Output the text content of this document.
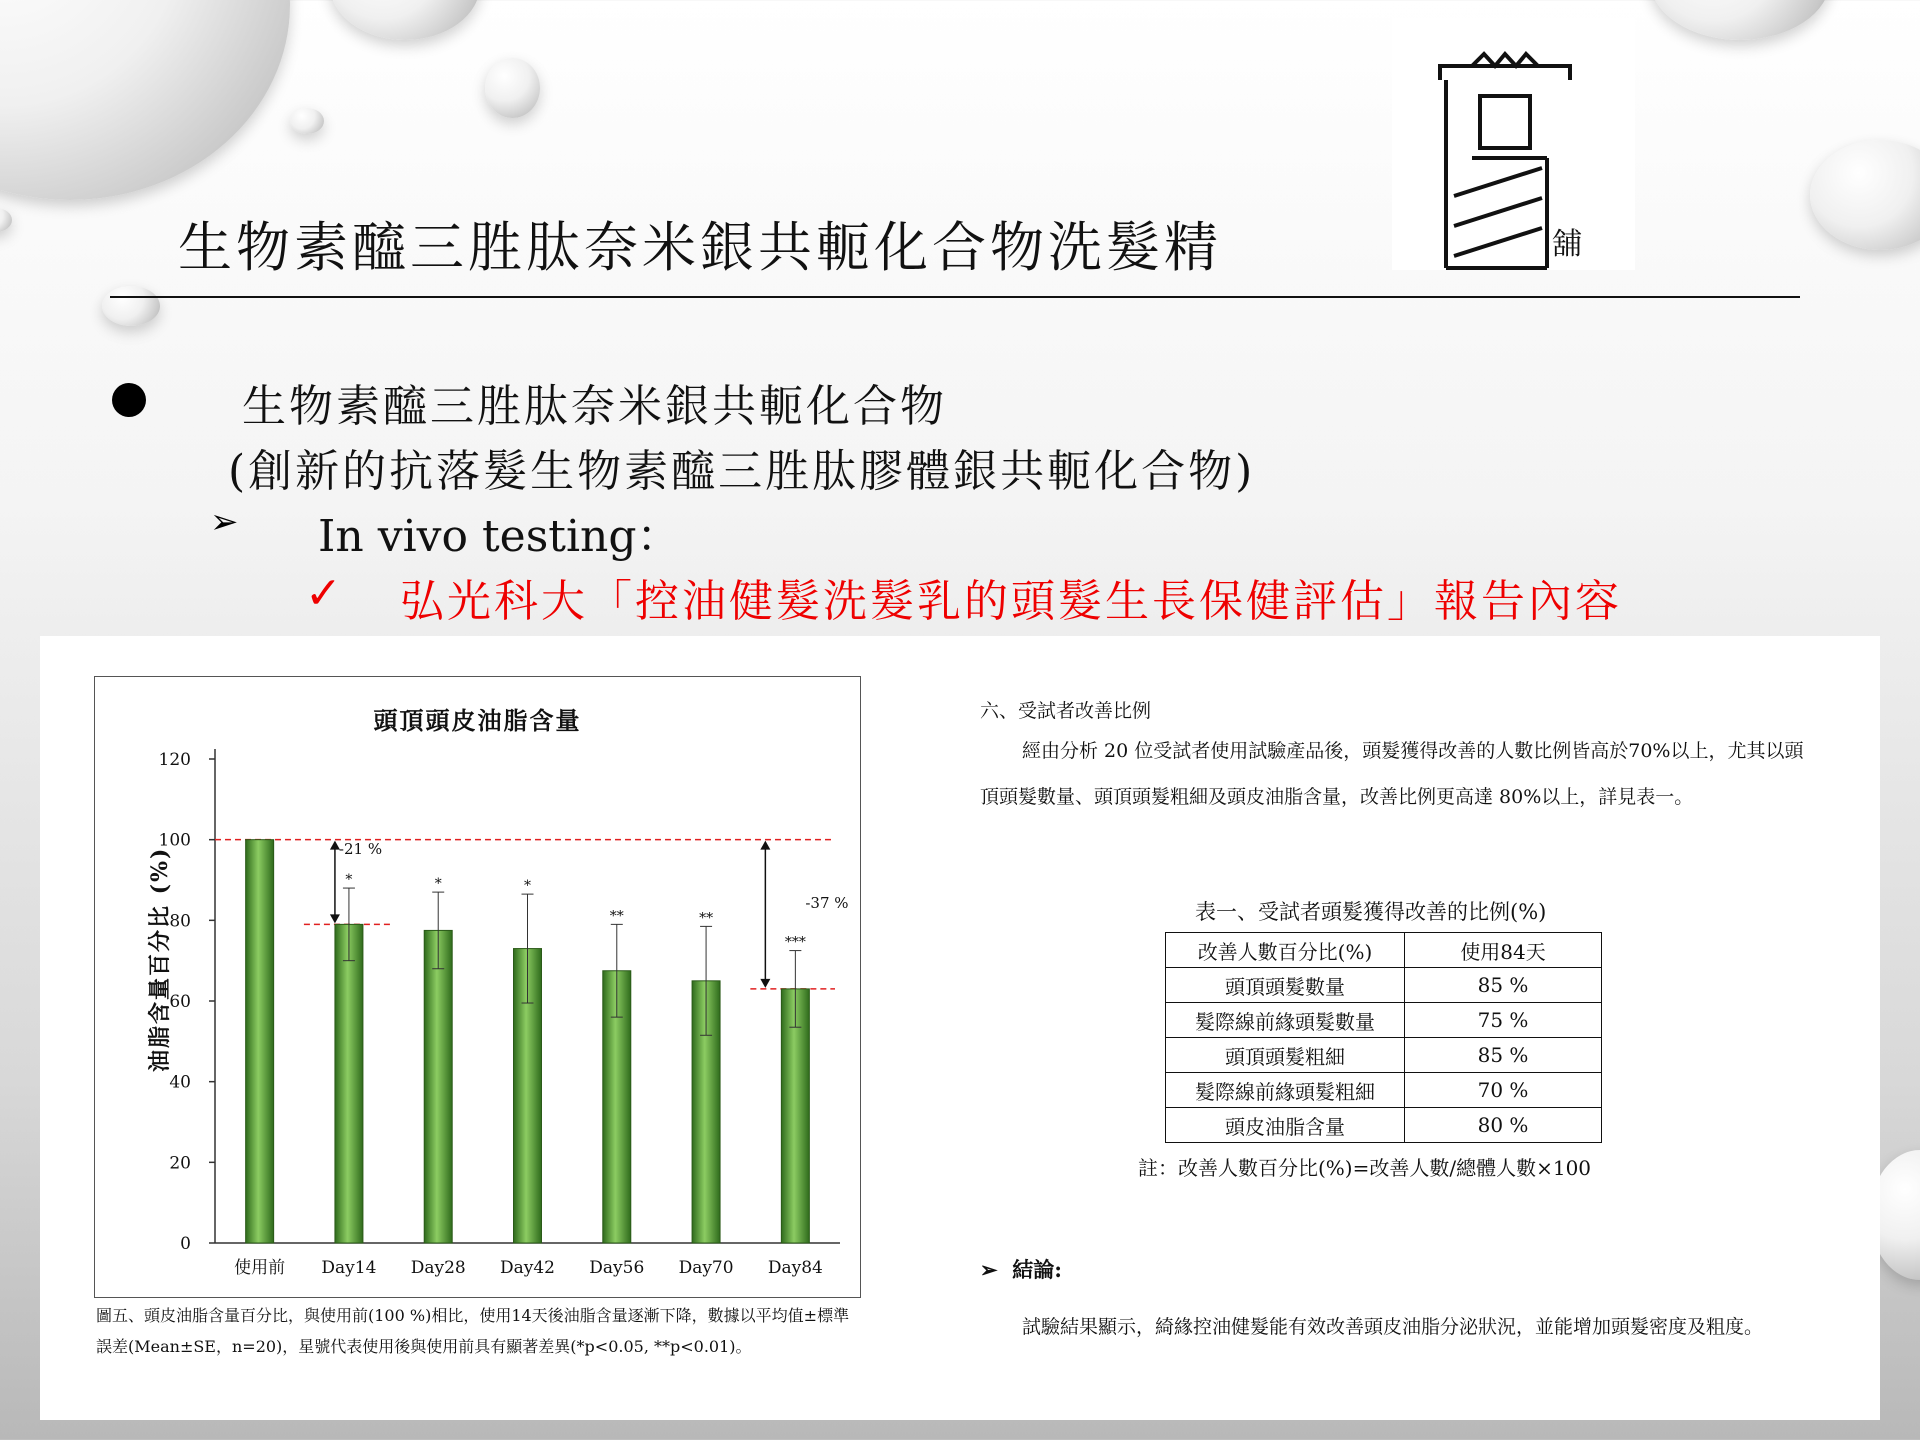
生物素醯三胜肽奈米銀共軛化合物洗髮精	舖
生物素醯三胜肽奈米銀共軛化合物
(創新的抗落髮生物素醯三胜肽膠體銀共軛化合物)
➢ In vivo testing：
✓ 弘光科大「控油健髮洗髮乳的頭髮生長保健評估」報告內容
頭頂頭皮油脂含量
油脂含量百分比 (%)
0
20
40
60
80
100
120
使用前
*
Day14
*
Day28
*
Day42
**
Day56
**
Day70
***
Day84
-21 %
-37 %
圖五、頭皮油脂含量百分比，與使用前(100 %)相比，使用14天後油脂含量逐漸下降，數據以平均值±標準誤差(Mean±SE，n=20)，星號代表使用後與使用前具有顯著差異(*p<0.05, **p<0.01)。
六、受試者改善比例
經由分析 20 位受試者使用試驗產品後，頭髮獲得改善的人數比例皆高於70%以上，尤其以頭頂頭髮數量、頭頂頭髮粗細及頭皮油脂含量，改善比例更高達 80%以上，詳見表一。
表一、受試者頭髮獲得改善的比例(%)
改善人數百分比(%)	使用84天
頭頂頭髮數量	85 %
髮際線前緣頭髮數量	75 %
頭頂頭髮粗細	85 %
髮際線前緣頭髮粗細	70 %
頭皮油脂含量	80 %
註：改善人數百分比(%)=改善人數/總體人數×100
➢  結論:
試驗結果顯示，綺緣控油健髮能有效改善頭皮油脂分泌狀況，並能增加頭髮密度及粗度。
